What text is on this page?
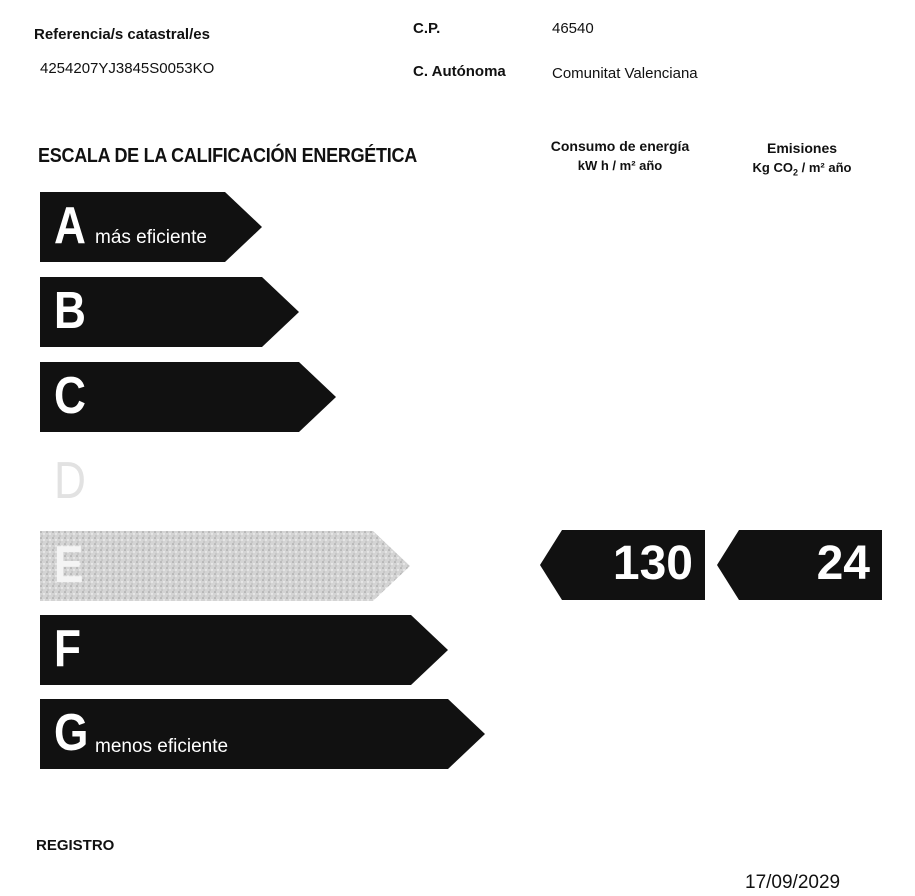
Referencia/s catastral/es
4254207YJ3845S0053KO
C.P.	46540
C. Autónoma	Comunitat Valenciana
ESCALA DE LA CALIFICACIÓN ENERGÉTICA	Consumo de energía
kW h / m² año
Emisiones
Kg $CO_2 / m^2$ año
A más eficiente
B
C
D
E
F
G menos eficiente
130	24
REGISTRO
17/09/2029
